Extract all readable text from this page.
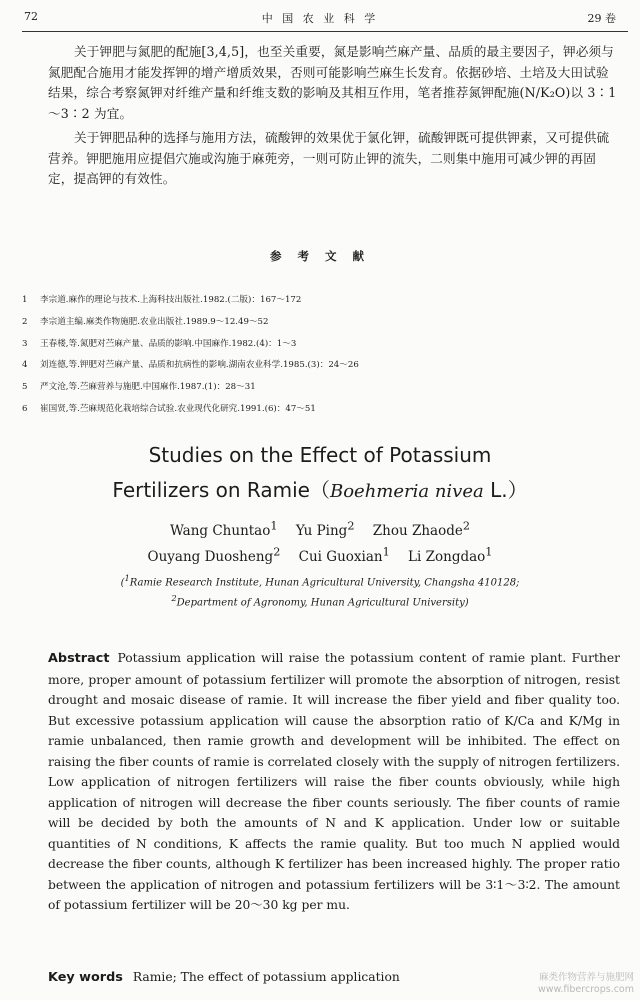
72	中 国 农 业 科 学	29 卷

关于钾肥与氮肥的配施[3,4,5]，也至关重要，氮是影响苎麻产量、品质的最主要因子，钾必须与氮肥配合施用才能发挥钾的增产增质效果，否则可能影响苎麻生长发育。依据砂培、土培及大田试验结果，综合考察氮钾对纤维产量和纤维支数的影响及其相互作用，笔者推荐氮钾配施(N/K₂O)以 3∶1～3∶2 为宜。

关于钾肥品种的选择与施用方法，硫酸钾的效果优于氯化钾，硫酸钾既可提供钾素，又可提供硫营养。钾肥施用应提倡穴施或沟施于麻蔸旁，一则可防止钾的流失，二则集中施用可减少钾的再固定，提高钾的有效性。

参 考 文 献
1 李宗道.麻作的理论与技术.上海科技出版社.1982.(二版)：167～172
2 李宗道主编.麻类作物施肥.农业出版社.1989.9～12.49～52
3 王春楼,等.氮肥对苎麻产量、品质的影响.中国麻作.1982.(4)：1～3
4 刘连德,等.钾肥对苎麻产量、品质和抗病性的影响.湖南农业科学.1985.(3)：24～26
5 严文沧,等.苎麻营养与施肥.中国麻作.1987.(1)：28～31
6 崔国贤,等.苎麻规范化栽培综合试验.农业现代化研究.1991.(6)：47～51
Studies on the Effect of Potassium
Fertilizers on Ramie（Boehmeria nivea L.）
Wang Chuntao$^1$ Yu Ping$^2$ Zhou Zhaode$^2$
Ouyang Duosheng$^2$ Cui Guoxian$^1$ Li Zongdao$^1$
($^1$Ramie Research Institute, Hunan Agricultural University, Changsha 410128;
$^2$Department of Agronomy, Hunan Agricultural University)

Abstract Potassium application will raise the potassium content of ramie plant. Further more, proper amount of potassium fertilizer will promote the absorption of nitrogen, resist drought and mosaic disease of ramie. It will increase the fiber yield and fiber quality too. But excessive potassium application will cause the absorption ratio of K/Ca and K/Mg in ramie unbalanced, then ramie growth and development will be inhibited. The effect on raising the fiber counts of ramie is correlated closely with the supply of nitrogen fertilizers. Low application of nitrogen fertilizers will raise the fiber counts obviously, while high application of nitrogen will decrease the fiber counts seriously. The fiber counts of ramie will be decided by both the amounts of N and K application. Under low or suitable quantities of N conditions, K affects the ramie quality. But too much N applied would decrease the fiber counts, although K fertilizer has been increased highly. The proper ratio between the application of nitrogen and potassium fertilizers will be 3∶1～3∶2. The amount of potassium fertilizer will be 20～30 kg per mu.

Key words Ramie; The effect of potassium application	麻类作物营养与施肥网
www.fibercrops.com
